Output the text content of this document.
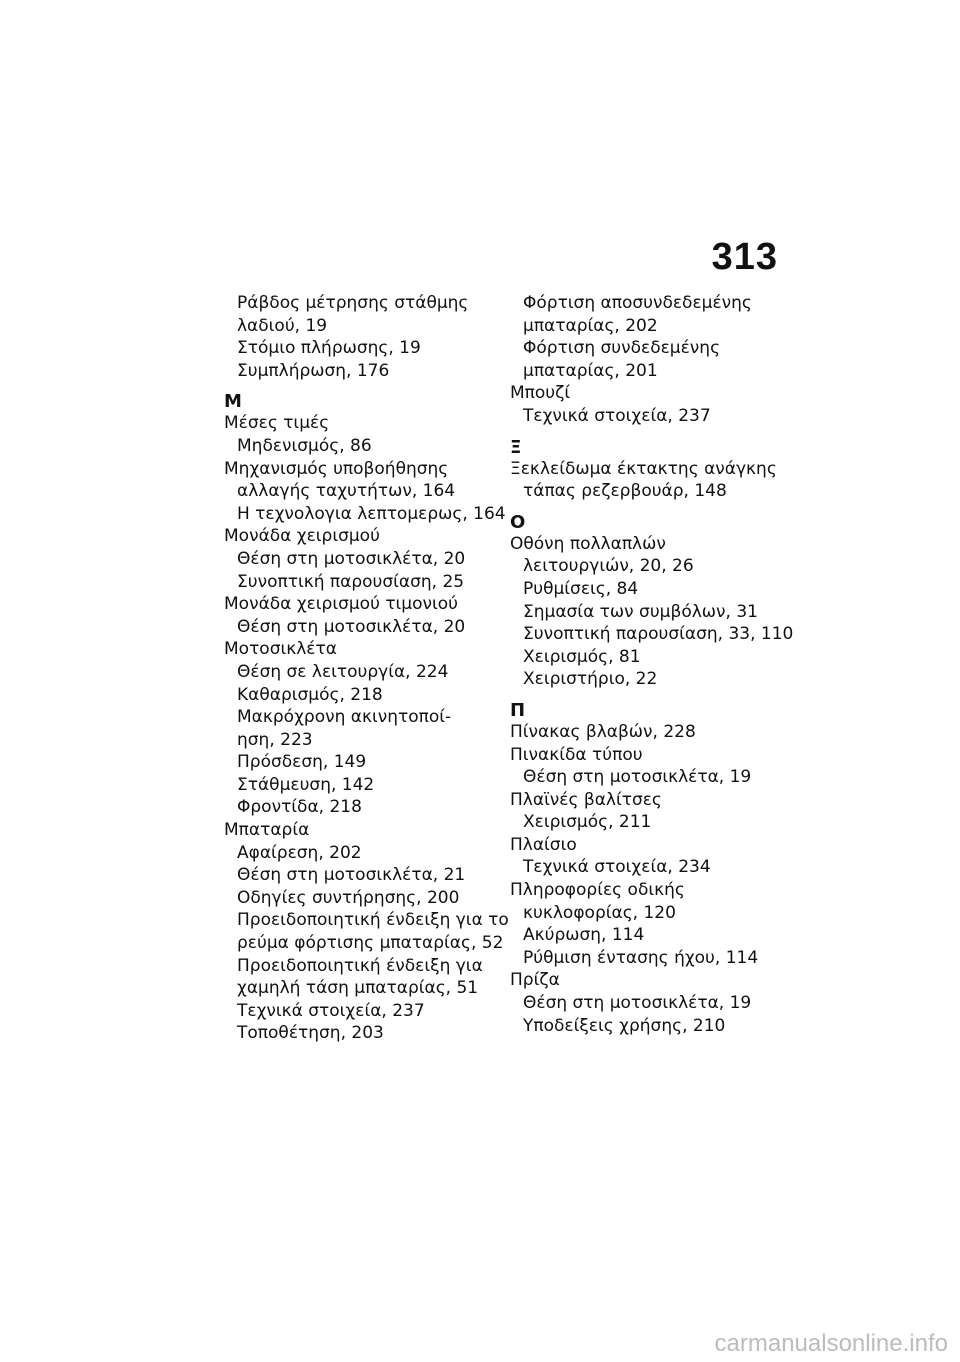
313
Ράβδος μέτρησης στάθμης
λαδιού, 19
Στόμιο πλήρωσης, 19
Συμπλήρωση, 176
Μ
Μέσες τιμές
Μηδενισμός, 86
Μηχανισμός υποβοήθησης
αλλαγής ταχυτήτων, 164
Η τεχνολογια λεπτομερως, 164
Μονάδα χειρισμού
Θέση στη μοτοσικλέτα, 20
Συνοπτική παρουσίαση, 25
Μονάδα χειρισμού τιμονιού
Θέση στη μοτοσικλέτα, 20
Μοτοσικλέτα
Θέση σε λειτουργία, 224
Καθαρισμός, 218
Μακρόχρονη ακινητοποί-
ηση, 223
Πρόσδεση, 149
Στάθμευση, 142
Φροντίδα, 218
Μπαταρία
Αφαίρεση, 202
Θέση στη μοτοσικλέτα, 21
Οδηγίες συντήρησης, 200
Προειδοποιητική ένδειξη για το
ρεύμα φόρτισης μπαταρίας, 52
Προειδοποιητική ένδειξη για
χαμηλή τάση μπαταρίας, 51
Τεχνικά στοιχεία, 237
Τοποθέτηση, 203
Φόρτιση αποσυνδεδεμένης
μπαταρίας, 202
Φόρτιση συνδεδεμένης
μπαταρίας, 201
Μπουζί
Τεχνικά στοιχεία, 237
Ξ
Ξεκλείδωμα έκτακτης ανάγκης
τάπας ρεζερβουάρ, 148
Ο
Οθόνη πολλαπλών
λειτουργιών, 20, 26
Ρυθμίσεις, 84
Σημασία των συμβόλων, 31
Συνοπτική παρουσίαση, 33, 110
Χειρισμός, 81
Χειριστήριο, 22
Π
Πίνακας βλαβών, 228
Πινακίδα τύπου
Θέση στη μοτοσικλέτα, 19
Πλαϊνές βαλίτσες
Χειρισμός, 211
Πλαίσιο
Τεχνικά στοιχεία, 234
Πληροφορίες οδικής
κυκλοφορίας, 120
Ακύρωση, 114
Ρύθμιση έντασης ήχου, 114
Πρίζα
Θέση στη μοτοσικλέτα, 19
Υποδείξεις χρήσης, 210
carmanualsonline.info
